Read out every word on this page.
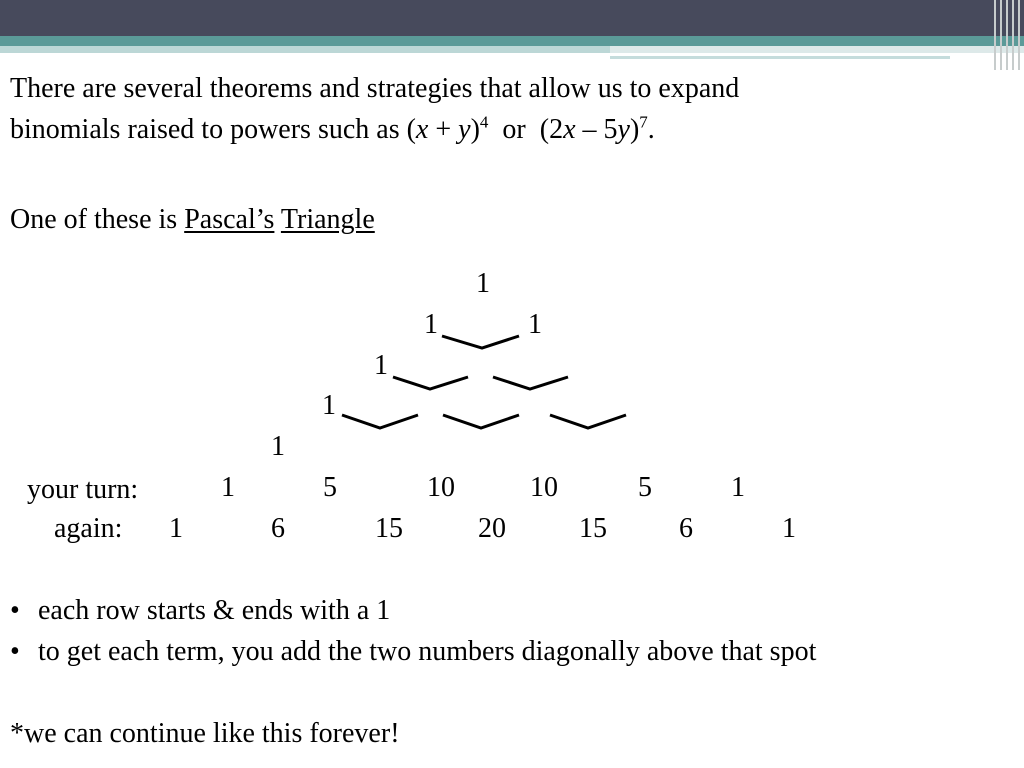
There are several theorems and strategies that allow us to expand
binomials raised to powers such as $(x + y)^4$  or  (2x – 5y)$^7$.
One of these is Pascal’s Triangle
1
1	1
1
1
1
your turn:	1	5	10	10	5	1
again: 1	6	15	20	15	6	1
• each row starts & ends with a 1
• to get each term, you add the two numbers diagonally above that spot
*we can continue like this forever!
